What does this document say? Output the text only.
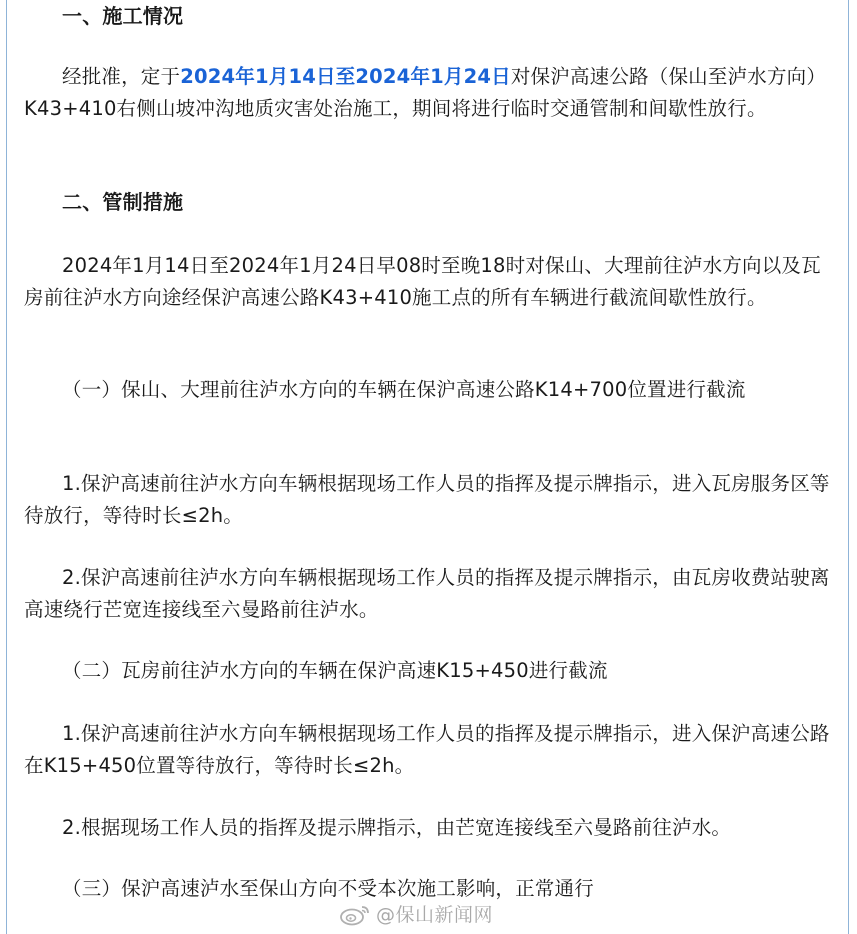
一、施工情况
经批准，定于2024年1月14日至2024年1月24日对保沪高速公路（保山至泸水方向）K43+410右侧山坡冲沟地质灾害处治施工，期间将进行临时交通管制和间歇性放行。
二、管制措施
2024年1月14日至2024年1月24日早08时至晚18时对保山、大理前往泸水方向以及瓦房前往泸水方向途经保沪高速公路K43+410施工点的所有车辆进行截流间歇性放行。
（一）保山、大理前往泸水方向的车辆在保沪高速公路K14+700位置进行截流
1.保沪高速前往泸水方向车辆根据现场工作人员的指挥及提示牌指示，进入瓦房服务区等待放行，等待时长≤2h。
2.保沪高速前往泸水方向车辆根据现场工作人员的指挥及提示牌指示，由瓦房收费站驶离高速绕行芒宽连接线至六曼路前往泸水。
（二）瓦房前往泸水方向的车辆在保沪高速K15+450进行截流
1.保沪高速前往泸水方向车辆根据现场工作人员的指挥及提示牌指示，进入保沪高速公路在K15+450位置等待放行，等待时长≤2h。
2.根据现场工作人员的指挥及提示牌指示，由芒宽连接线至六曼路前往泸水。
（三）保沪高速泸水至保山方向不受本次施工影响，正常通行
@保山新闻网
